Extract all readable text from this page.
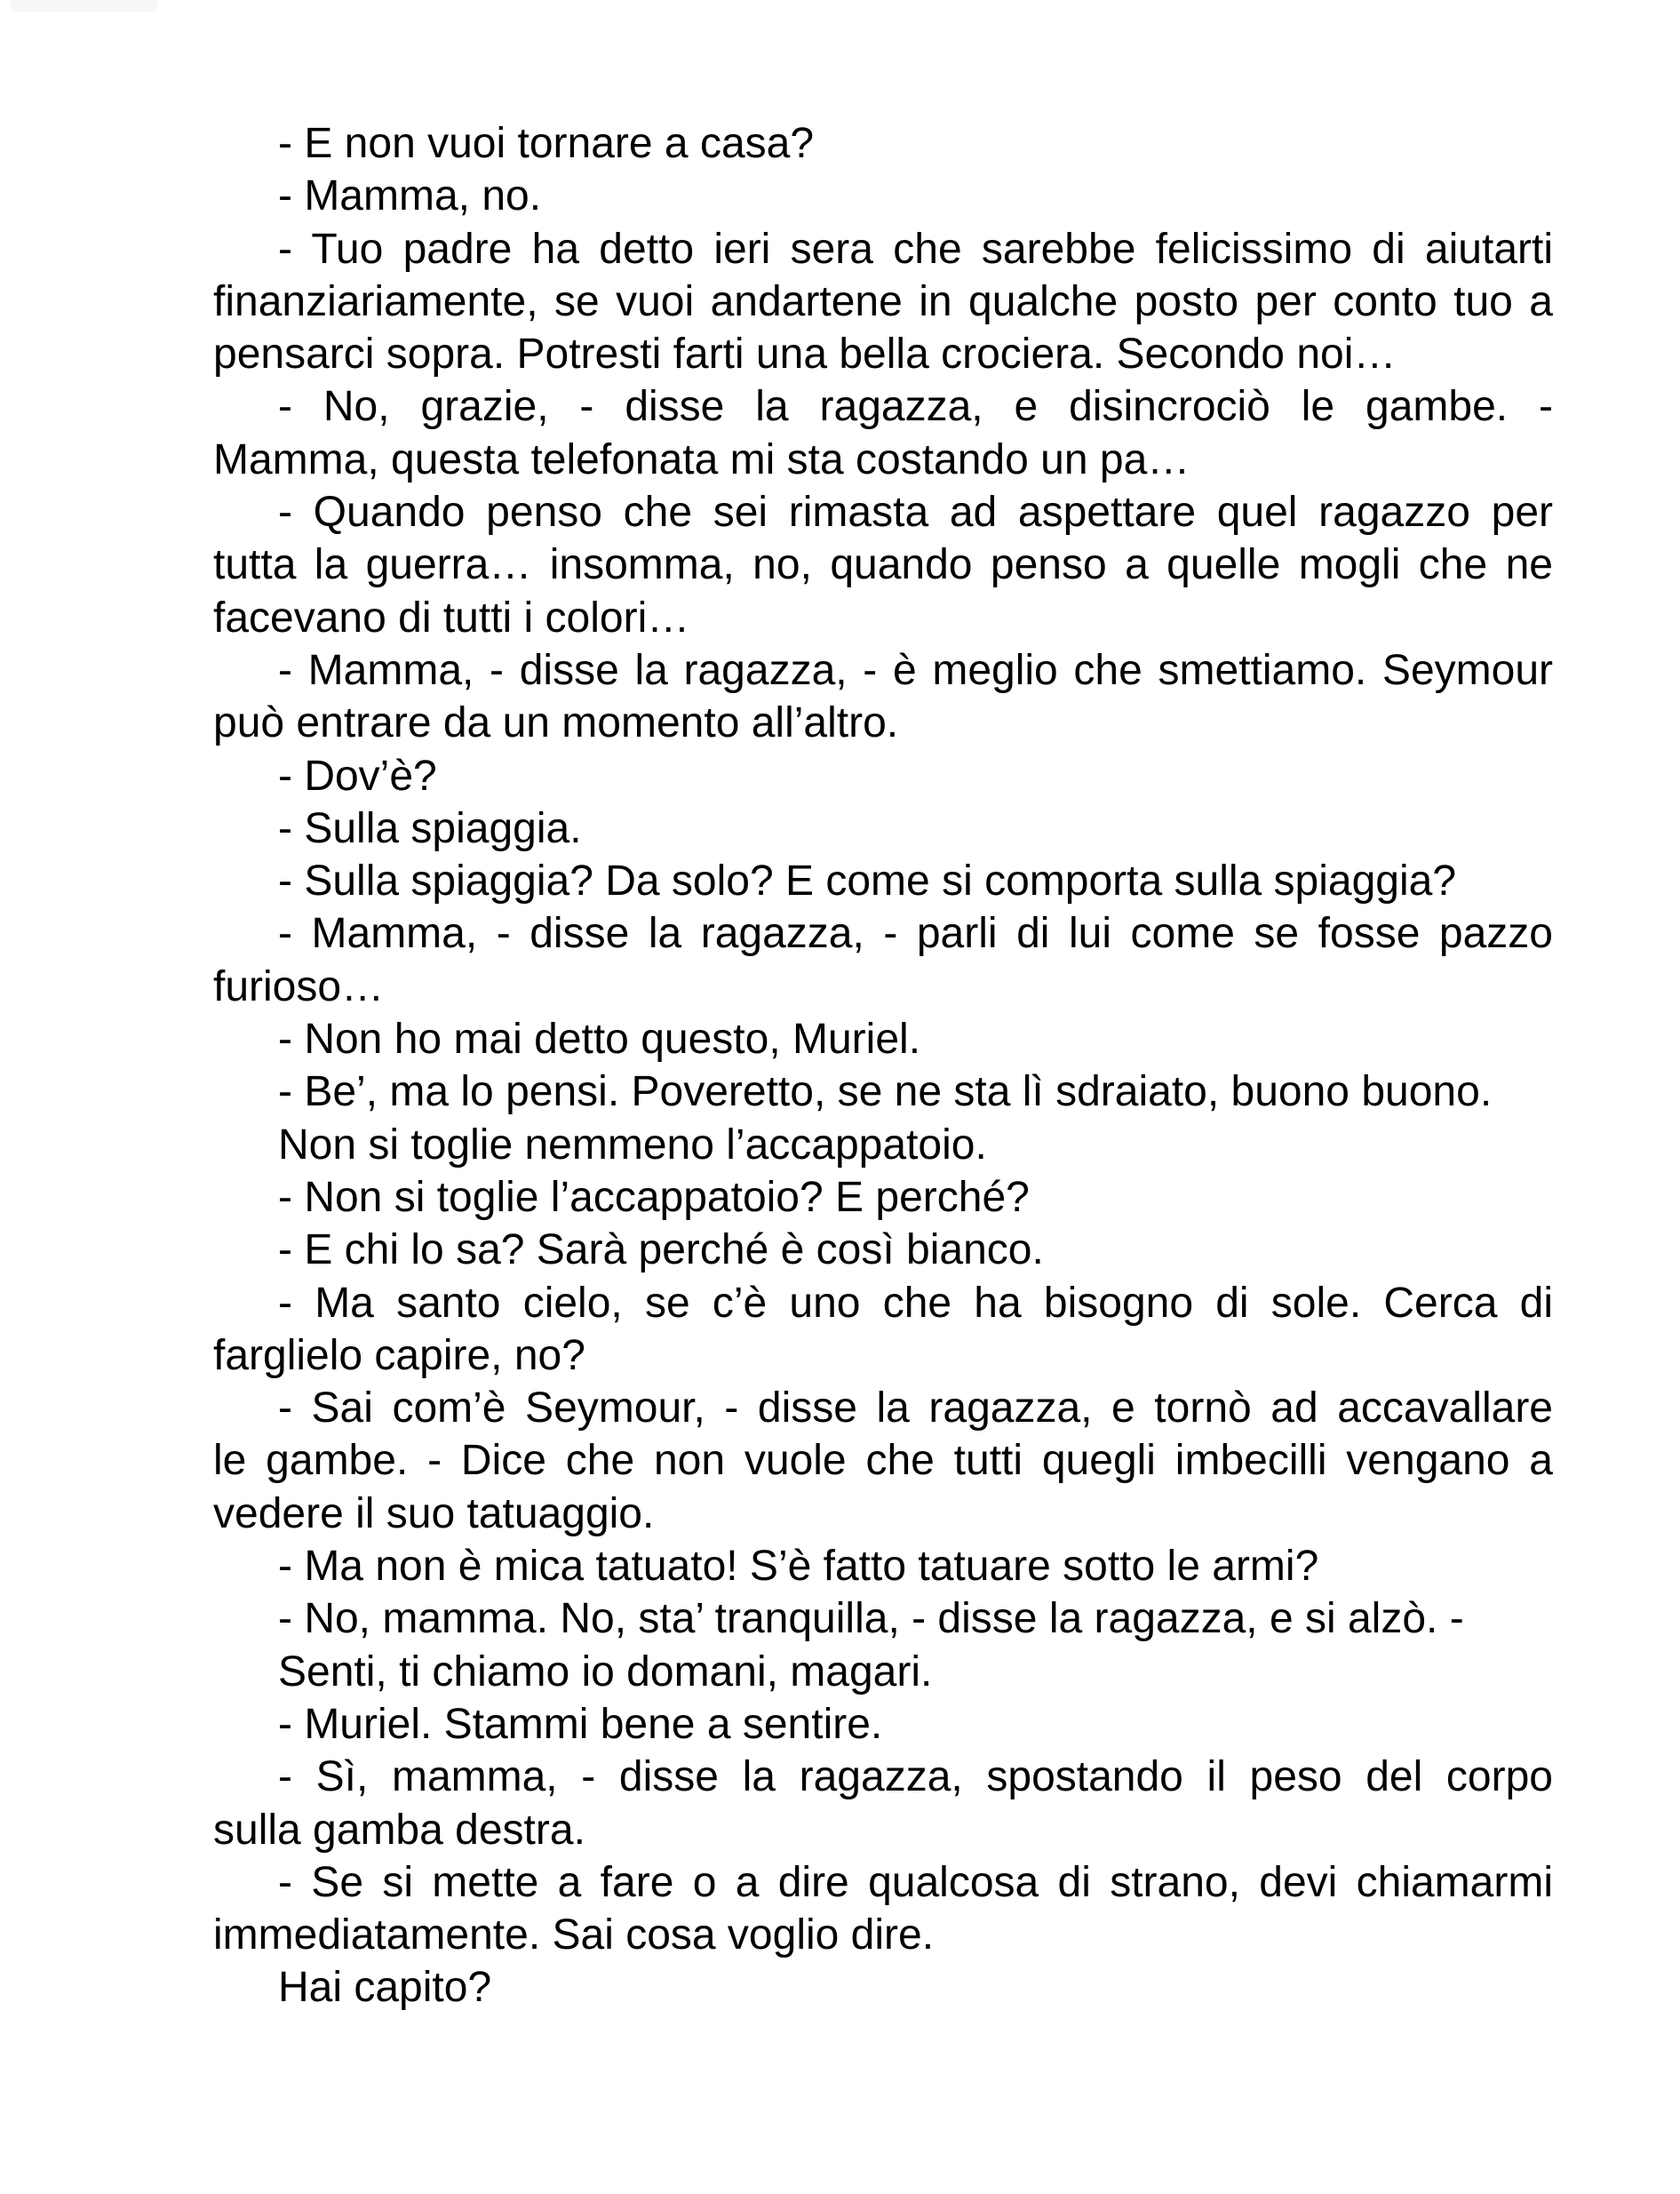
- E non vuoi tornare a casa?
- Mamma, no.
- Tuo padre ha detto ieri sera che sarebbe felicissimo di aiutarti
finanziariamente, se vuoi andartene in qualche posto per conto tuo a
pensarci sopra. Potresti farti una bella crociera. Secondo noi…
- No, grazie, - disse la ragazza, e disincrociò le gambe. -
Mamma, questa telefonata mi sta costando un pa…
- Quando penso che sei rimasta ad aspettare quel ragazzo per
tutta la guerra… insomma, no, quando penso a quelle mogli che ne
facevano di tutti i colori…
- Mamma, - disse la ragazza, - è meglio che smettiamo. Seymour
può entrare da un momento all’altro.
- Dov’è?
- Sulla spiaggia.
- Sulla spiaggia? Da solo? E come si comporta sulla spiaggia?
- Mamma, - disse la ragazza, - parli di lui come se fosse pazzo
furioso…
- Non ho mai detto questo, Muriel.
- Be’, ma lo pensi. Poveretto, se ne sta lì sdraiato, buono buono.
Non si toglie nemmeno l’accappatoio.
- Non si toglie l’accappatoio? E perché?
- E chi lo sa? Sarà perché è così bianco.
- Ma santo cielo, se c’è uno che ha bisogno di sole. Cerca di
farglielo capire, no?
- Sai com’è Seymour, - disse la ragazza, e tornò ad accavallare
le gambe. - Dice che non vuole che tutti quegli imbecilli vengano a
vedere il suo tatuaggio.
- Ma non è mica tatuato! S’è fatto tatuare sotto le armi?
- No, mamma. No, sta’ tranquilla, - disse la ragazza, e si alzò. -
Senti, ti chiamo io domani, magari.
- Muriel. Stammi bene a sentire.
- Sì, mamma, - disse la ragazza, spostando il peso del corpo
sulla gamba destra.
- Se si mette a fare o a dire qualcosa di strano, devi chiamarmi
immediatamente. Sai cosa voglio dire.
Hai capito?
